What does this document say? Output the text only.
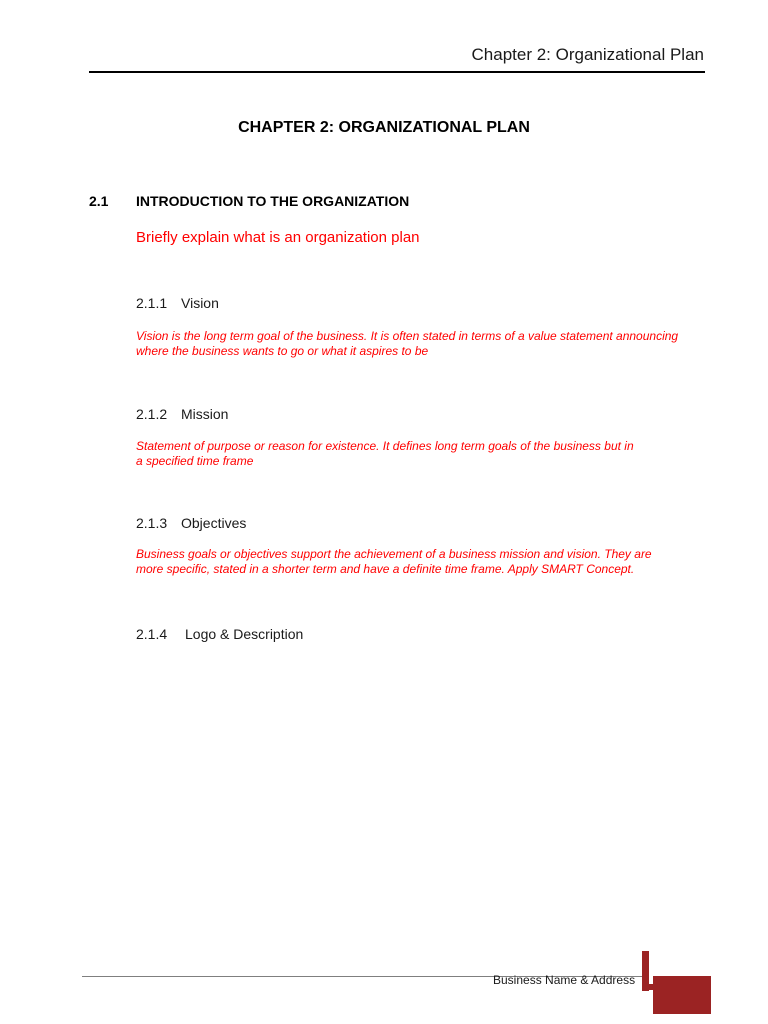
Chapter 2: Organizational Plan
CHAPTER 2: ORGANIZATIONAL PLAN
2.1 INTRODUCTION TO THE ORGANIZATION
Briefly explain what is an organization plan
2.1.1 Vision

Vision is the long term goal of the business. It is often stated in terms of a value statement announcing
where the business wants to go or what it aspires to be

2.1.2 Mission

Statement of purpose or reason for existence. It defines long term goals of the business but in
a specified time frame

2.1.3 Objectives

Business goals or objectives support the achievement of a business mission and vision. They are
more specific, stated in a shorter term and have a definite time frame. Apply SMART Concept.

2.1.4 Logo & Description
Business Name & Address
